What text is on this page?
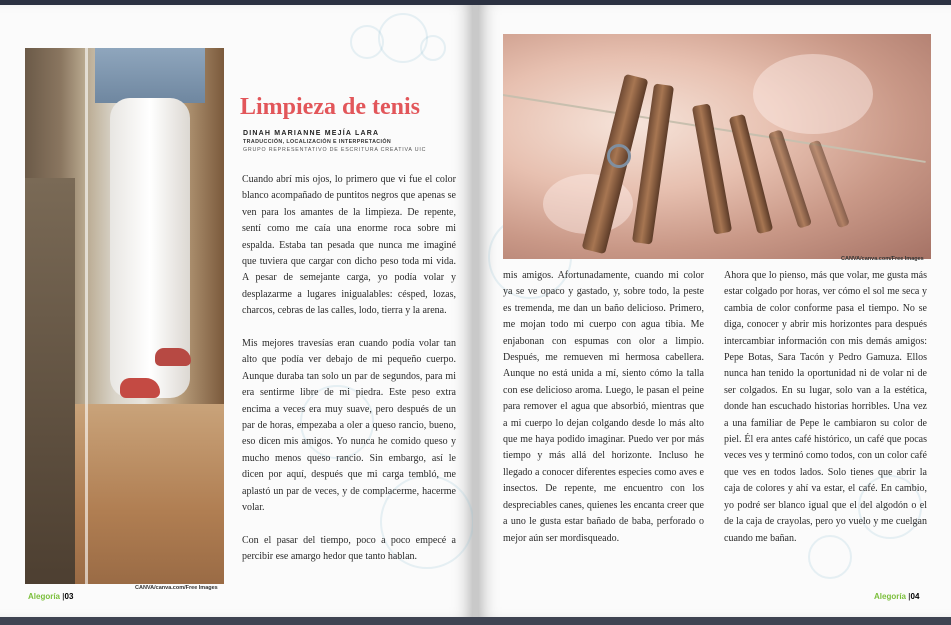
CANVA/canva.com/Free Images
Limpieza de tenis
DINAH MARIANNE MEJÍA LARA
TRADUCCIÓN, LOCALIZACIÓN E INTERPRETACIÓN
GRUPO REPRESENTATIVO DE ESCRITURA CREATIVA UIC

Cuando abrí mis ojos, lo primero que vi fue el color blanco acompañado de puntitos negros que apenas se ven para los amantes de la limpieza. De repente, sentí como me caía una enorme roca sobre mi espalda. Estaba tan pesada que nunca me imaginé que tuviera que cargar con dicho peso toda mi vida. A pesar de semejante carga, yo podía volar y desplazarme a lugares inigualables: césped, lozas, charcos, cebras de las calles, lodo, tierra y la arena.

Mis mejores travesías eran cuando podía volar tan alto que podía ver debajo de mi pequeño cuerpo. Aunque duraba tan solo un par de segundos, para mi era sentirme libre de mi piedra. Este peso extra encima a veces era muy suave, pero después de un par de horas, empezaba a oler a queso rancio, bueno, eso dicen mis amigos. Yo nunca he comido queso y mucho menos queso rancio. Sin embargo, así le dicen por aquí, después que mi carga tembló, me aplastó un par de veces, y de complacerme, hacerme volar.

Con el pasar del tiempo, poco a poco empecé a percibir ese amargo hedor que tanto hablan.

Alegoría |03
CANVA/canva.com/Free Images

mis amigos. Afortunadamente, cuando mi color ya se ve opaco y gastado, y, sobre todo, la peste es tremenda, me dan un baño delicioso. Primero, me mojan todo mi cuerpo con agua tibia. Me enjabonan con espumas con olor a limpio. Después, me remueven mi hermosa cabellera. Aunque no está unida a mí, siento cómo la talla con ese delicioso aroma. Luego, le pasan el peine para remover el agua que absorbió, mientras que a mi cuerpo lo dejan colgando desde lo más alto que me haya podido imaginar. Puedo ver por más tiempo y más allá del horizonte. Incluso he llegado a conocer diferentes especies como aves e insectos. De repente, me encuentro con los despreciables canes, quienes les encanta creer que a uno le gusta estar bañado de baba, perforado o mejor aún ser mordisqueado.

Ahora que lo pienso, más que volar, me gusta más estar colgado por horas, ver cómo el sol me seca y cambia de color conforme pasa el tiempo. No se diga, conocer y abrir mis horizontes para después intercambiar información con mis demás amigos: Pepe Botas, Sara Tacón y Pedro Gamuza. Ellos nunca han tenido la oportunidad ni de volar ni de ser colgados. En su lugar, solo van a la estética, donde han escuchado historias horribles. Una vez a una familiar de Pepe le cambiaron su color de piel. Él era antes café histórico, un café que pocas veces ves y terminó como todos, con un color café que ves en todos lados. Solo tienes que abrir la caja de colores y ahí va estar, el café. En cambio, yo podré ser blanco igual que el del algodón o el de la caja de crayolas, pero yo vuelo y me cuelgan cuando me bañan.

Alegoría |04
